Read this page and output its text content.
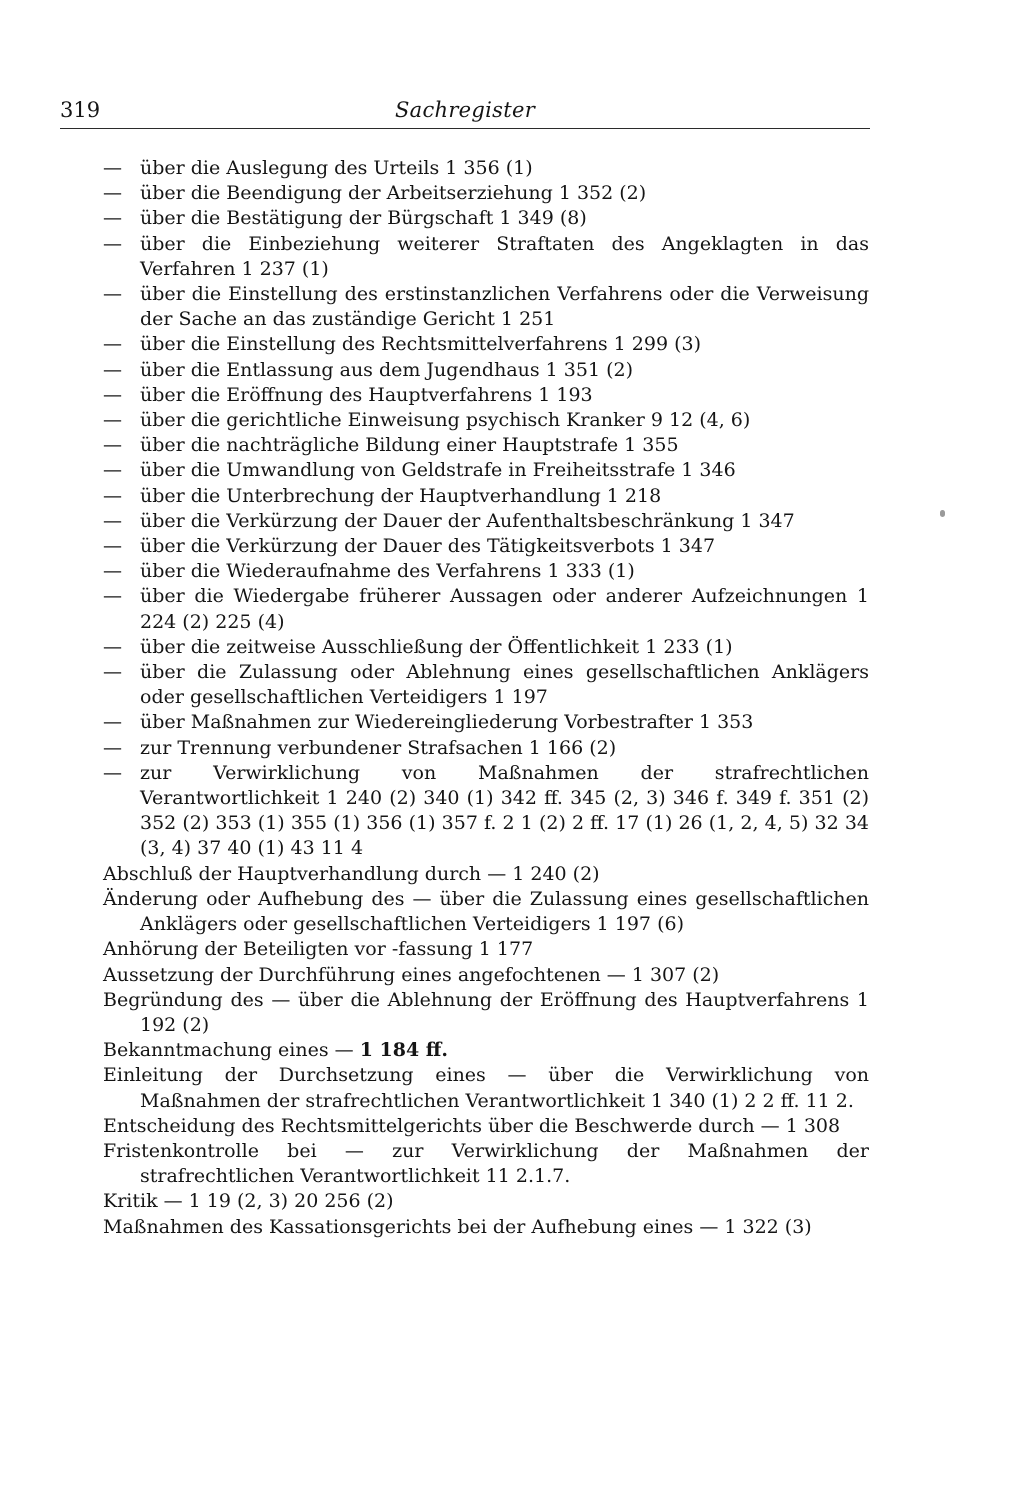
319	Sachregister
— über die Auslegung des Urteils 1 356 (1)
— über die Beendigung der Arbeitserziehung 1 352 (2)
— über die Bestätigung der Bürgschaft 1 349 (8)
— über die Einbeziehung weiterer Straftaten des Angeklagten in das Verfahren 1 237 (1)
— über die Einstellung des erstinstanzlichen Verfahrens oder die Verweisung der Sache an das zuständige Gericht 1 251
— über die Einstellung des Rechtsmittelverfahrens 1 299 (3)
— über die Entlassung aus dem Jugendhaus 1 351 (2)
— über die Eröffnung des Hauptverfahrens 1 193
— über die gerichtliche Einweisung psychisch Kranker 9 12 (4, 6)
— über die nachträgliche Bildung einer Hauptstrafe 1 355
— über die Umwandlung von Geldstrafe in Freiheitsstrafe 1 346
— über die Unterbrechung der Hauptverhandlung 1 218
— über die Verkürzung der Dauer der Aufenthaltsbeschränkung 1 347
— über die Verkürzung der Dauer des Tätigkeitsverbots 1 347
— über die Wiederaufnahme des Verfahrens 1 333 (1)
— über die Wiedergabe früherer Aussagen oder anderer Aufzeichnungen 1 224 (2) 225 (4)
— über die zeitweise Ausschließung der Öffentlichkeit 1 233 (1)
— über die Zulassung oder Ablehnung eines gesellschaftlichen Anklägers oder gesellschaftlichen Verteidigers 1 197
— über Maßnahmen zur Wiedereingliederung Vorbestrafter 1 353
— zur Trennung verbundener Strafsachen 1 166 (2)
— zur Verwirklichung von Maßnahmen der strafrechtlichen Verantwortlichkeit 1 240 (2) 340 (1) 342 ff. 345 (2, 3) 346 f. 349 f. 351 (2) 352 (2) 353 (1) 355 (1) 356 (1) 357 f. 2 1 (2) 2 ff. 17 (1) 26 (1, 2, 4, 5) 32 34 (3, 4) 37 40 (1) 43 11 4
Abschluß der Hauptverhandlung durch — 1 240 (2)
Änderung oder Aufhebung des — über die Zulassung eines gesellschaftlichen Anklägers oder gesellschaftlichen Verteidigers 1 197 (6)
Anhörung der Beteiligten vor -fassung 1 177
Aussetzung der Durchführung eines angefochtenen — 1 307 (2)
Begründung des — über die Ablehnung der Eröffnung des Hauptverfahrens 1 192 (2)
Bekanntmachung eines — 1 184 ff.
Einleitung der Durchsetzung eines — über die Verwirklichung von Maßnahmen der strafrechtlichen Verantwortlichkeit 1 340 (1) 2 2 ff. 11 2.
Entscheidung des Rechtsmittelgerichts über die Beschwerde durch — 1 308
Fristenkontrolle bei — zur Verwirklichung der Maßnahmen der strafrechtlichen Verantwortlichkeit 11 2.1.7.
Kritik — 1 19 (2, 3) 20 256 (2)
Maßnahmen des Kassationsgerichts bei der Aufhebung eines — 1 322 (3)
